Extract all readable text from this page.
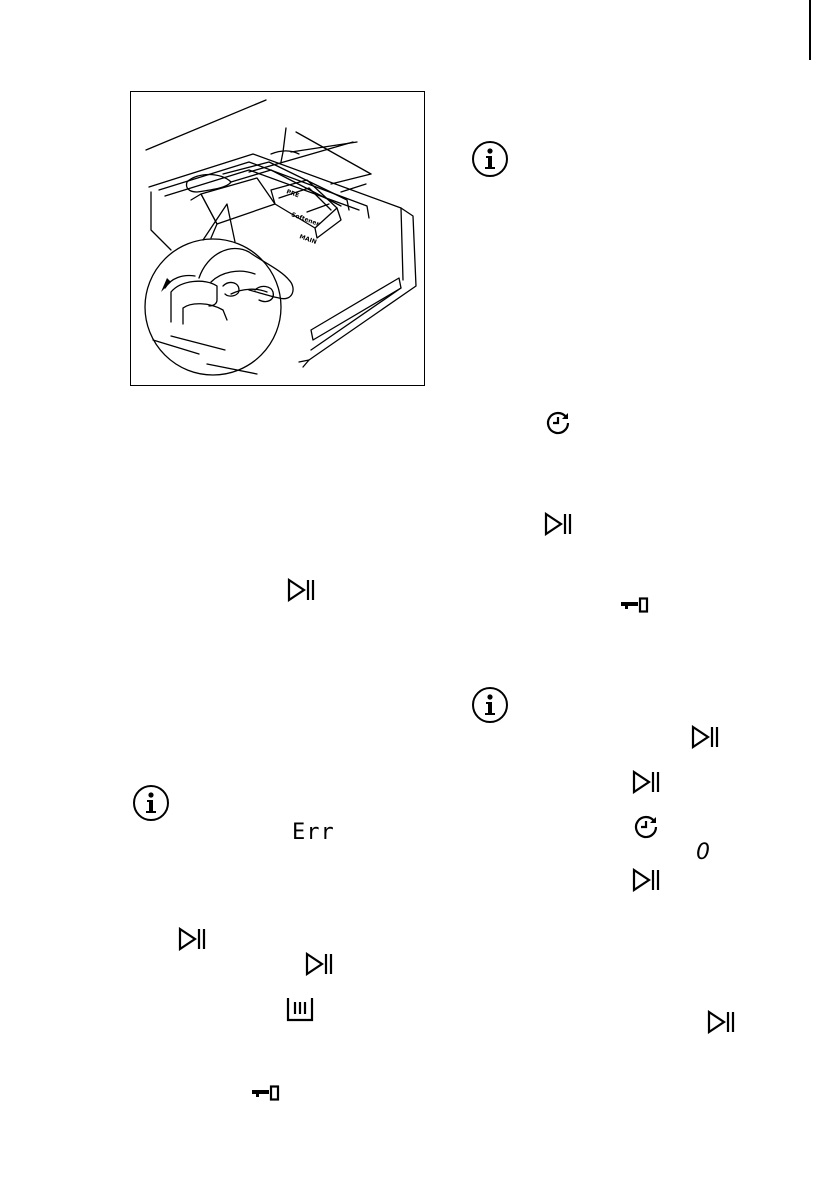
PRE
Softener
MAIN
Err
0
